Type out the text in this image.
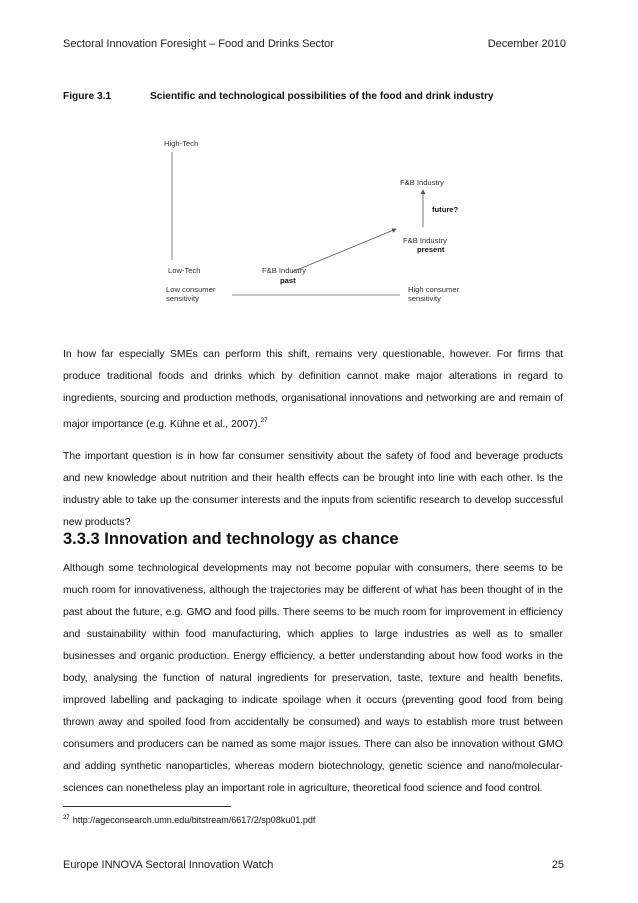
Sectoral Innovation Foresight – Food and Drinks Sector	December 2010
Figure 3.1	Scientific and technological possibilities of the food and drink industry
High-Tech
Low-Tech
Low consumer
sensitivity
High consumer
sensitivity
F&B Industry
past
F&B Industry
present
F&B Industry
future?

In how far especially SMEs can perform this shift, remains very questionable, however. For firms that produce traditional foods and drinks which by definition cannot make major alterations in regard to ingredients, sourcing and production methods, organisational innovations and networking are and remain of major importance (e.g. Kühne et al., 2007).$^{27}$

The important question is in how far consumer sensitivity about the safety of food and beverage products and new knowledge about nutrition and their health effects can be brought into line with each other. Is the industry able to take up the consumer interests and the inputs from scientific research to develop successful new products?

3.3.3 Innovation and technology as chance

Although some technological developments may not become popular with consumers, there seems to be much room for innovativeness, although the trajectories may be different of what has been thought of in the past about the future, e.g. GMO and food pills. There seems to be much room for improvement in efficiency and sustainability within food manufacturing, which applies to large industries as well as to smaller businesses and organic production. Energy efficiency, a better understanding about how food works in the body, analysing the function of natural ingredients for preservation, taste, texture and health benefits, improved labelling and packaging to indicate spoilage when it occurs (preventing good food from being thrown away and spoiled food from accidentally be consumed) and ways to establish more trust between consumers and producers can be named as some major issues. There can also be innovation without GMO and adding synthetic nanoparticles, whereas modern biotechnology, genetic science and nano/molecular-sciences can nonetheless play an important role in agriculture, theoretical food science and food control.

$^{27}$ http://ageconsearch.umn.edu/bitstream/6617/2/sp08ku01.pdf
Europe INNOVA Sectoral Innovation Watch	25
